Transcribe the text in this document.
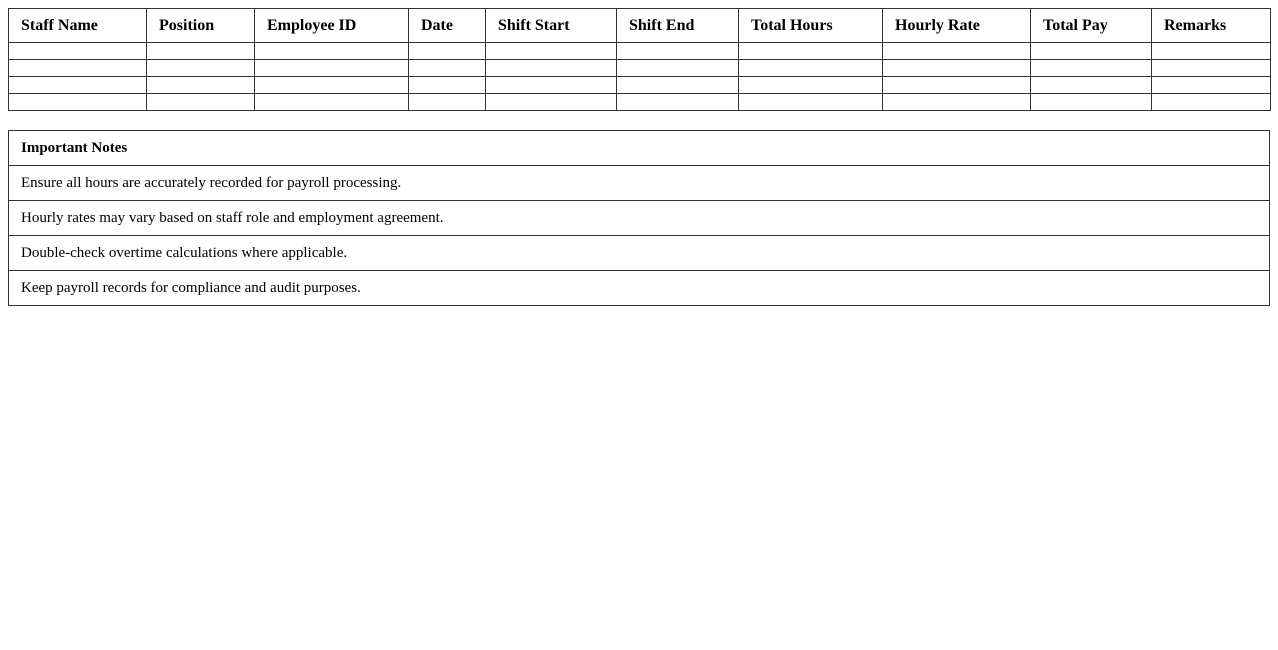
Staff Name	Position	Employee ID	Date	Shift Start	Shift End	Total Hours	Hourly Rate	Total Pay	Remarks

Important Notes
Ensure all hours are accurately recorded for payroll processing.
Hourly rates may vary based on staff role and employment agreement.
Double-check overtime calculations where applicable.
Keep payroll records for compliance and audit purposes.
